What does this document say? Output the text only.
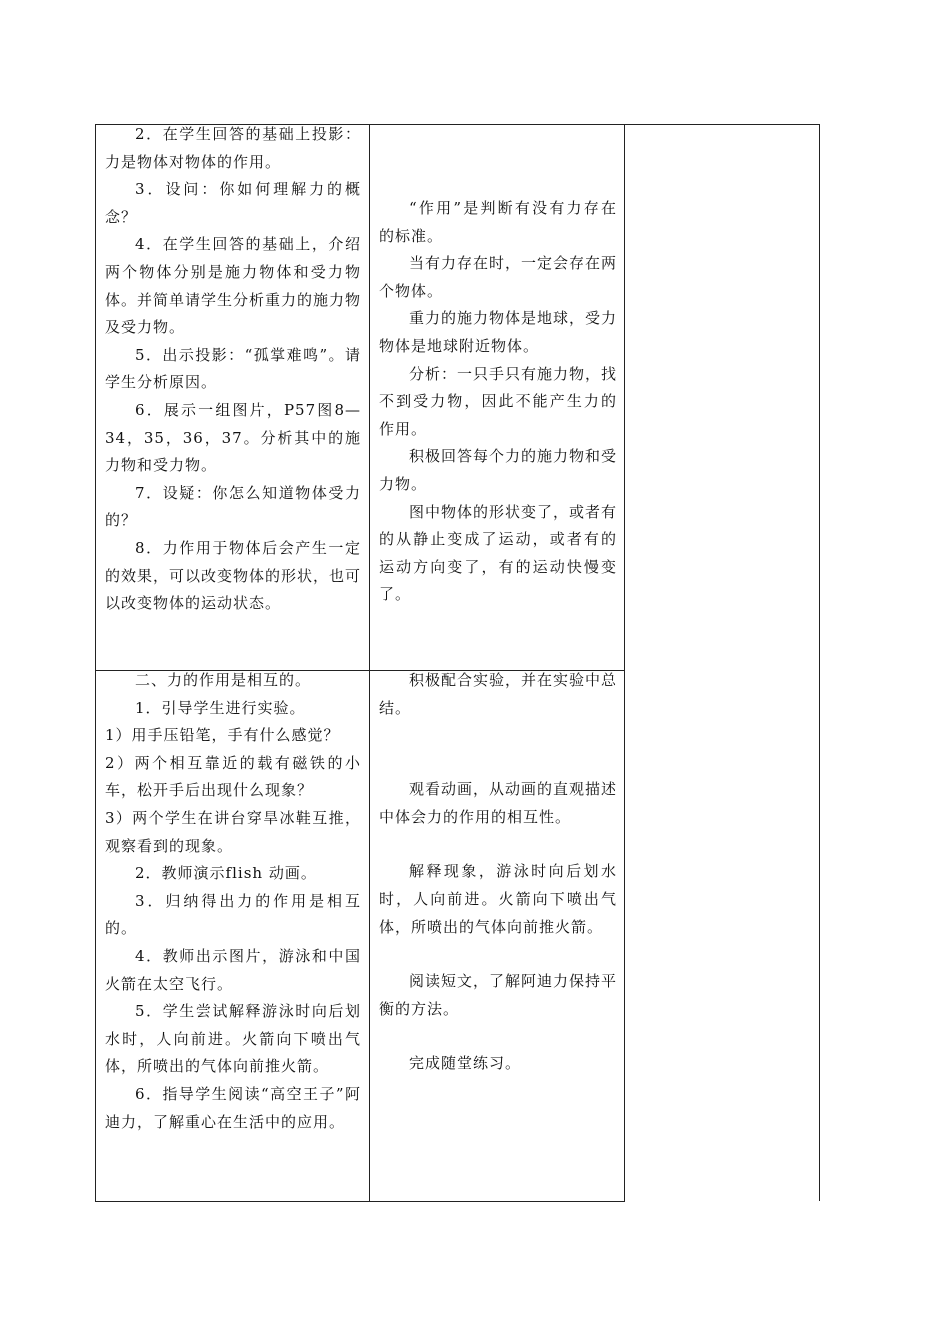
2．在学生回答的基础上投影：力是物体对物体的作用。

3．设问：你如何理解力的概念？

4．在学生回答的基础上，介绍两个物体分别是施力物体和受力物体。并简单请学生分析重力的施力物及受力物。

5．出示投影：“孤掌难鸣”。请学生分析原因。

6．展示一组图片，P57图8—34，35，36，37。分析其中的施力物和受力物。

7．设疑：你怎么知道物体受力的？

8．力作用于物体后会产生一定的效果，可以改变物体的形状，也可以改变物体的运动状态。

“作用”是判断有没有力存在的标准。

当有力存在时，一定会存在两个物体。

重力的施力物体是地球，受力物体是地球附近物体。

分析：一只手只有施力物，找不到受力物，因此不能产生力的作用。

积极回答每个力的施力物和受力物。

图中物体的形状变了，或者有的从静止变成了运动，或者有的运动方向变了，有的运动快慢变了。

二、力的作用是相互的。

1．引导学生进行实验。

1）用手压铅笔，手有什么感觉？

2）两个相互靠近的载有磁铁的小车，松开手后出现什么现象？

3）两个学生在讲台穿旱冰鞋互推，观察看到的现象。

2．教师演示flish 动画。

3．归纳得出力的作用是相互的。

4．教师出示图片，游泳和中国火箭在太空飞行。

5．学生尝试解释游泳时向后划水时，人向前进。火箭向下喷出气体，所喷出的气体向前推火箭。

6．指导学生阅读“高空王子”阿迪力，了解重心在生活中的应用。

积极配合实验，并在实验中总结。

观看动画，从动画的直观描述中体会力的作用的相互性。

解释现象，游泳时向后划水时，人向前进。火箭向下喷出气体，所喷出的气体向前推火箭。

阅读短文，了解阿迪力保持平衡的方法。

完成随堂练习。
